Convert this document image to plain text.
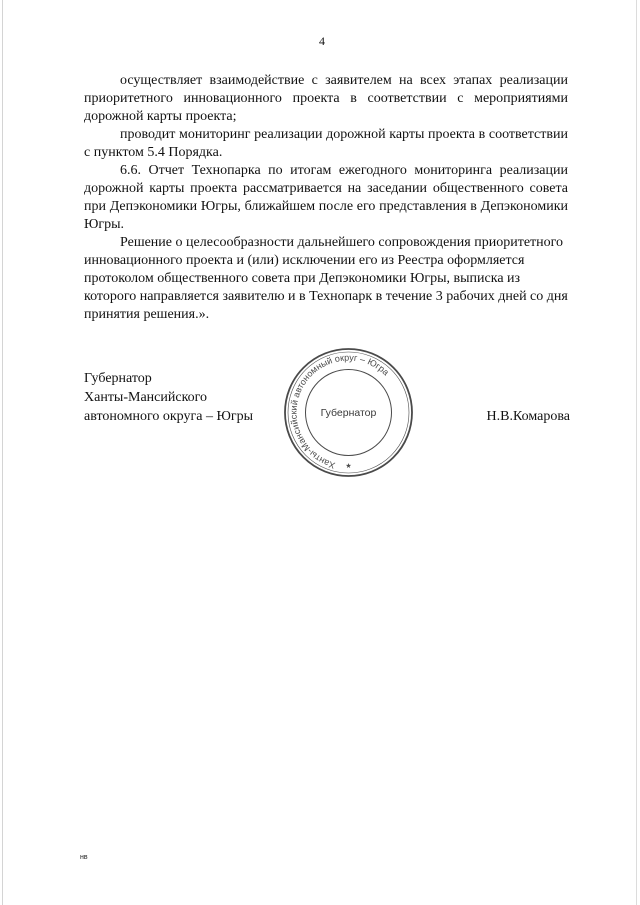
4

осуществляет взаимодействие с заявителем на всех этапах реализации приоритетного инновационного проекта в соответствии с мероприятиями дорожной карты проекта;

проводит мониторинг реализации дорожной карты проекта в соответствии с пунктом 5.4 Порядка.

6.6. Отчет Технопарка по итогам ежегодного мониторинга реализации дорожной карты проекта рассматривается на заседании общественного совета при Депэкономики Югры, ближайшем после его представления в Депэкономики Югры.

Решение о целесообразности дальнейшего сопровождения приоритетного инновационного проекта и (или) исключении его из Реестра оформляется протоколом общественного совета при Депэкономики Югры, выписка из которого направляется заявителю и в Технопарк в течение 3 рабочих дней со дня принятия решения.».

Губернатор
Ханты-Мансийского
автономного округа – Югры
Ханты-Мансийский автономный округ – Югра
Губернатор
★
Н.В.Комарова
нв
